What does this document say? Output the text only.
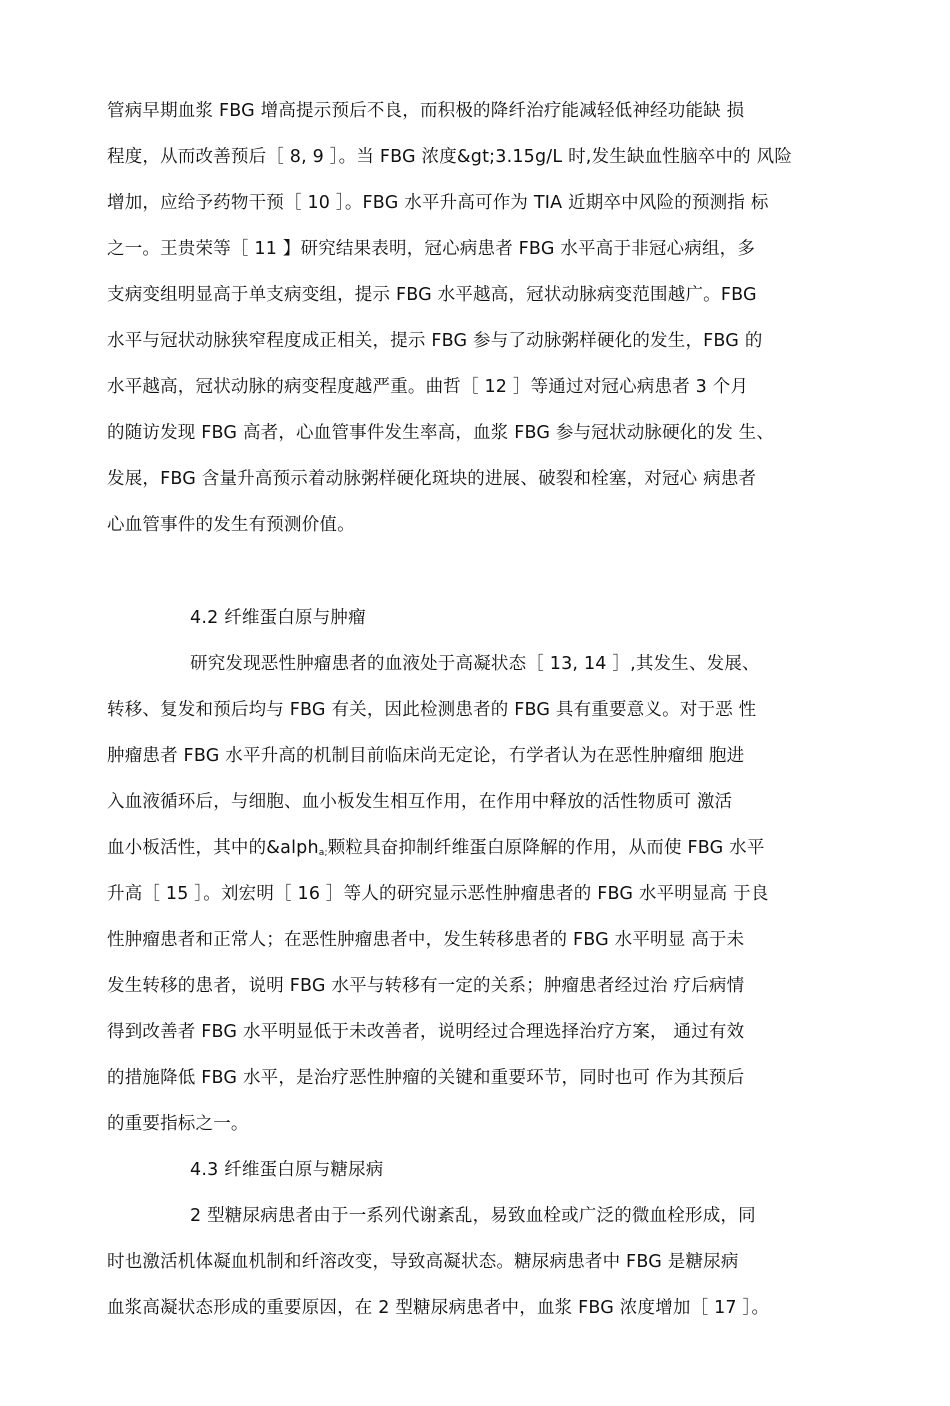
管病早期血浆 FBG 增高提示预后不良，而积极的降纤治疗能减轻低神经功能缺 损
程度，从而改善预后［ 8, 9 ］。当 FBG 浓度&gt;3.15g/L 时,发生缺血性脑卒中的 风险
增加，应给予药物干预［ 10 ］。FBG 水平升高可作为 TIA 近期卒中风险的预测指 标
之一。王贵荣等［ 11 】研究结果表明，冠心病患者 FBG 水平高于非冠心病组，多
支病变组明显高于单支病变组，提示 FBG 水平越高，冠状动脉病变范围越广。FBG
水平与冠状动脉狭窄程度成正相关，提示 FBG 参与了动脉粥样硬化的发生，FBG 的
水平越高，冠状动脉的病变程度越严重。曲哲［ 12 ］等通过对冠心病患者 3 个月
的随访发现 FBG 高者，心血管事件发生率高，血浆 FBG 参与冠状动脉硬化的发 生、
发展，FBG 含量升高预示着动脉粥样硬化斑块的进展、破裂和栓塞，对冠心 病患者
心血管事件的发生有预测价值。
4.2 纤维蛋白原与肿瘤
研究发现恶性肿瘤患者的血液处于高凝状态［ 13, 14 ］,其发生、发展、
转移、复发和预后均与 FBG 有关，因此检测患者的 FBG 具有重要意义。对于恶 性
肿瘤患者 FBG 水平升高的机制目前临床尚无定论，冇学者认为在恶性肿瘤细 胞进
入血液循环后，与细胞、血小板发生相互作用，在作用中释放的活性物质可 激活
血小板活性，其中的&alph$_{a;}$颗粒具奋抑制纤维蛋白原降解的作用，从而使 FBG 水平
升高［ 15 ］。刘宏明［ 16 ］等人的研究显示恶性肿瘤患者的 FBG 水平明显高 于良
性肿瘤患者和正常人；在恶性肿瘤患者中，发生转移患者的 FBG 水平明显 高于未
发生转移的患者，说明 FBG 水平与转移有一定的关系；肿瘤患者经过治 疗后病情
得到改善者 FBG 水平明显低于未改善者，说明经过合理选择治疗方案， 通过有效
的措施降低 FBG 水平，是治疗恶性肿瘤的关键和重要环节，同时也可 作为其预后
的重要指标之一。
4.3 纤维蛋白原与糖尿病
2 型糖尿病患者由于一系列代谢紊乱，易致血栓或广泛的微血栓形成，同
时也激活机体凝血机制和纤溶改变，导致高凝状态。糖尿病患者中 FBG 是糖尿病
血浆高凝状态形成的重要原因，在 2 型糖尿病患者中，血浆 FBG 浓度增加［ 17 ］。
